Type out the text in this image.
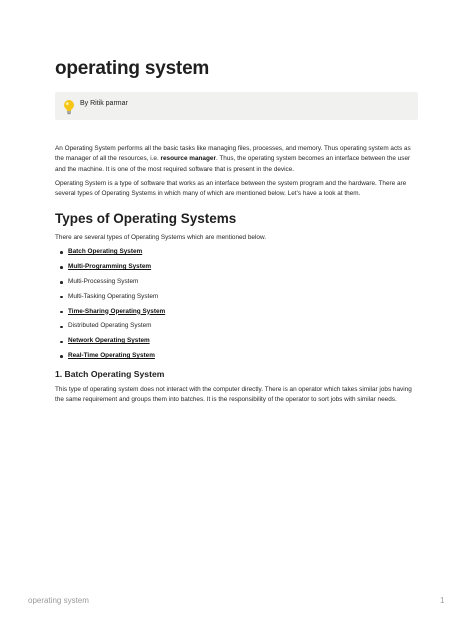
operating system
By Ritik parmar

An Operating System performs all the basic tasks like managing files, processes, and memory. Thus operating system acts as the manager of all the resources, i.e. resource manager. Thus, the operating system becomes an interface between the user and the machine. It is one of the most required software that is present in the device.

Operating System is a type of software that works as an interface between the system program and the hardware. There are several types of Operating Systems in which many of which are mentioned below. Let’s have a look at them.

Types of Operating Systems

There are several types of Operating Systems which are mentioned below.

Batch Operating System
Multi-Programming System
Multi-Processing System
Multi-Tasking Operating System
Time-Sharing Operating System
Distributed Operating System
Network Operating System
Real-Time Operating System
1. Batch Operating System

This type of operating system does not interact with the computer directly. There is an operator which takes similar jobs having the same requirement and groups them into batches. It is the responsibility of the operator to sort jobs with similar needs.

operating system	1
